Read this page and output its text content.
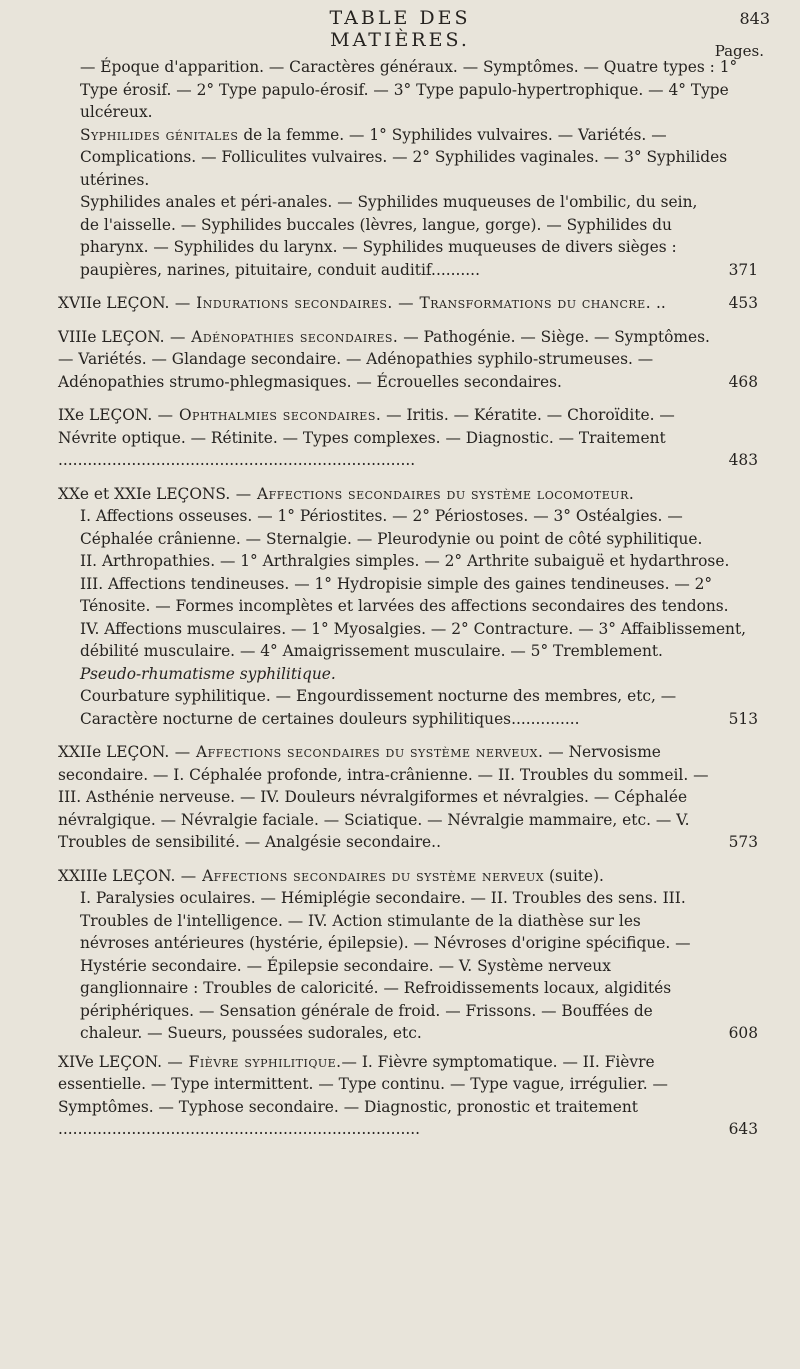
TABLE DES MATIÈRES.
843
Pages.
— Époque d'apparition. — Caractères généraux. — Symptômes. — Quatre types : 1° Type érosif. — 2° Type papulo-érosif. — 3° Type papulo-hypertrophique. — 4° Type ulcéreux.
Syphilides génitales de la femme. — 1° Syphilides vulvaires. — Variétés. — Complications. — Folliculites vulvaires. — 2° Syphilides vaginales. — 3° Syphilides utérines.
Syphilides anales et péri-anales. — Syphilides muqueuses de l'ombilic, du sein, de l'aisselle. — Syphilides buccales (lèvres, langue, gorge). — Syphilides du pharynx. — Syphilides du larynx. — Syphilides muqueuses de divers sièges : paupières, narines, pituitaire, conduit auditif..........	371
XVIIe LEÇON. — Indurations secondaires. — Transformations du chancre. ..	453
VIIIe LEÇON. — Adénopathies secondaires. — Pathogénie. — Siège. — Symptômes. — Variétés. — Glandage secondaire. — Adénopathies syphilo-strumeuses. — Adénopathies strumo-phlegmasiques. — Écrouelles secondaires.	468
IXe LEÇON. — Ophthalmies secondaires. — Iritis. — Kératite. — Choroïdite. — Névrite optique. — Rétinite. — Types complexes. — Diagnostic. — Traitement .........................................................................	483
XXe et XXIe LEÇONS. — Affections secondaires du système locomoteur.
I. Affections osseuses. — 1° Périostites. — 2° Périostoses. — 3° Ostéalgies. — Céphalée crânienne. — Sternalgie. — Pleurodynie ou point de côté syphilitique.
II. Arthropathies. — 1° Arthralgies simples. — 2° Arthrite subaiguë et hydarthrose.
III. Affections tendineuses. — 1° Hydropisie simple des gaines tendineuses. — 2° Ténosite. — Formes incomplètes et larvées des affections secondaires des tendons.
IV. Affections musculaires. — 1° Myosalgies. — 2° Contracture. — 3° Affaiblissement, débilité musculaire. — 4° Amaigrissement musculaire. — 5° Tremblement.
Pseudo-rhumatisme syphilitique.
Courbature syphilitique. — Engourdissement nocturne des membres, etc, — Caractère nocturne de certaines douleurs syphilitiques..............	513
XXIIe LEÇON. — Affections secondaires du système nerveux. — Nervosisme secondaire. — I. Céphalée profonde, intra-crânienne. — II. Troubles du sommeil. — III. Asthénie nerveuse. — IV. Douleurs névralgiformes et névralgies. — Céphalée névralgique. — Névralgie faciale. — Sciatique. — Névralgie mammaire, etc. — V. Troubles de sensibilité. — Analgésie secondaire..	573
XXIIIe LEÇON. — Affections secondaires du système nerveux (suite).
I. Paralysies oculaires. — Hémiplégie secondaire. — II. Troubles des sens. III. Troubles de l'intelligence. — IV. Action stimulante de la diathèse sur les névroses antérieures (hystérie, épilepsie). — Névroses d'origine spécifique. — Hystérie secondaire. — Épilepsie secondaire. — V. Système nerveux ganglionnaire : Troubles de caloricité. — Refroidissements locaux, algidités périphériques. — Sensation générale de froid. — Frissons. — Bouffées de chaleur. — Sueurs, poussées sudorales, etc.	608
XIVe LEÇON. — Fièvre syphilitique.— I. Fièvre symptomatique. — II. Fièvre essentielle. — Type intermittent. — Type continu. — Type vague, irrégulier. — Symptômes. — Typhose secondaire. — Diagnostic, pronostic et traitement ..........................................................................	643
